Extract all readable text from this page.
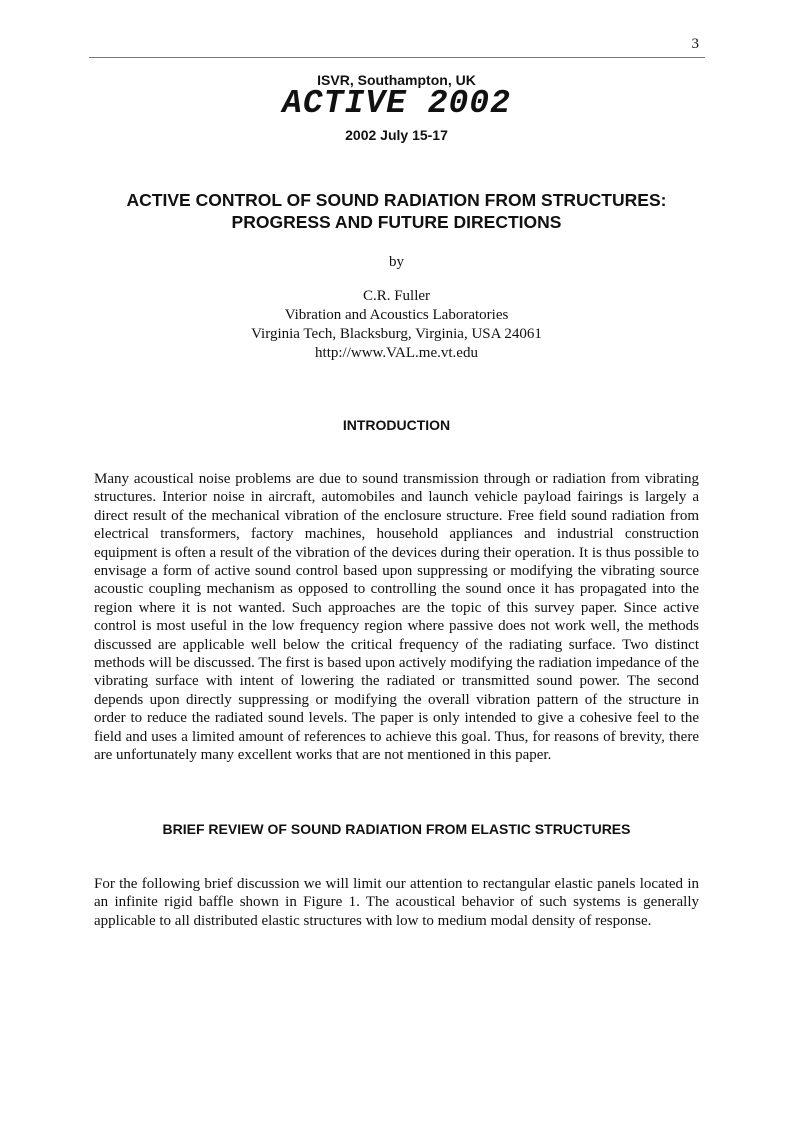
3
ISVR, Southampton, UK
ACTIVE 2002
2002 July 15-17
ACTIVE CONTROL OF SOUND RADIATION FROM STRUCTURES:
PROGRESS AND FUTURE DIRECTIONS
by
C.R. Fuller
Vibration and Acoustics Laboratories
Virginia Tech, Blacksburg, Virginia, USA 24061
http://www.VAL.me.vt.edu
INTRODUCTION

Many acoustical noise problems are due to sound transmission through or radiation from vibrating structures. Interior noise in aircraft, automobiles and launch vehicle payload fairings is largely a direct result of the mechanical vibration of the enclosure structure. Free field sound radiation from electrical transformers, factory machines, household appliances and industrial construction equipment is often a result of the vibration of the devices during their operation. It is thus possible to envisage a form of active sound control based upon suppressing or modifying the vibrating source acoustic coupling mechanism as opposed to controlling the sound once it has propagated into the region where it is not wanted. Such approaches are the topic of this survey paper. Since active control is most useful in the low frequency region where passive does not work well, the methods discussed are applicable well below the critical frequency of the radiating surface. Two distinct methods will be discussed. The first is based upon actively modifying the radiation impedance of the vibrating surface with intent of lowering the radiated or transmitted sound power. The second depends upon directly suppressing or modifying the overall vibration pattern of the structure in order to reduce the radiated sound levels. The paper is only intended to give a cohesive feel to the field and uses a limited amount of references to achieve this goal. Thus, for reasons of brevity, there are unfortunately many excellent works that are not mentioned in this paper.

BRIEF REVIEW OF SOUND RADIATION FROM ELASTIC STRUCTURES

For the following brief discussion we will limit our attention to rectangular elastic panels located in an infinite rigid baffle shown in Figure 1. The acoustical behavior of such systems is generally applicable to all distributed elastic structures with low to medium modal density of response.
